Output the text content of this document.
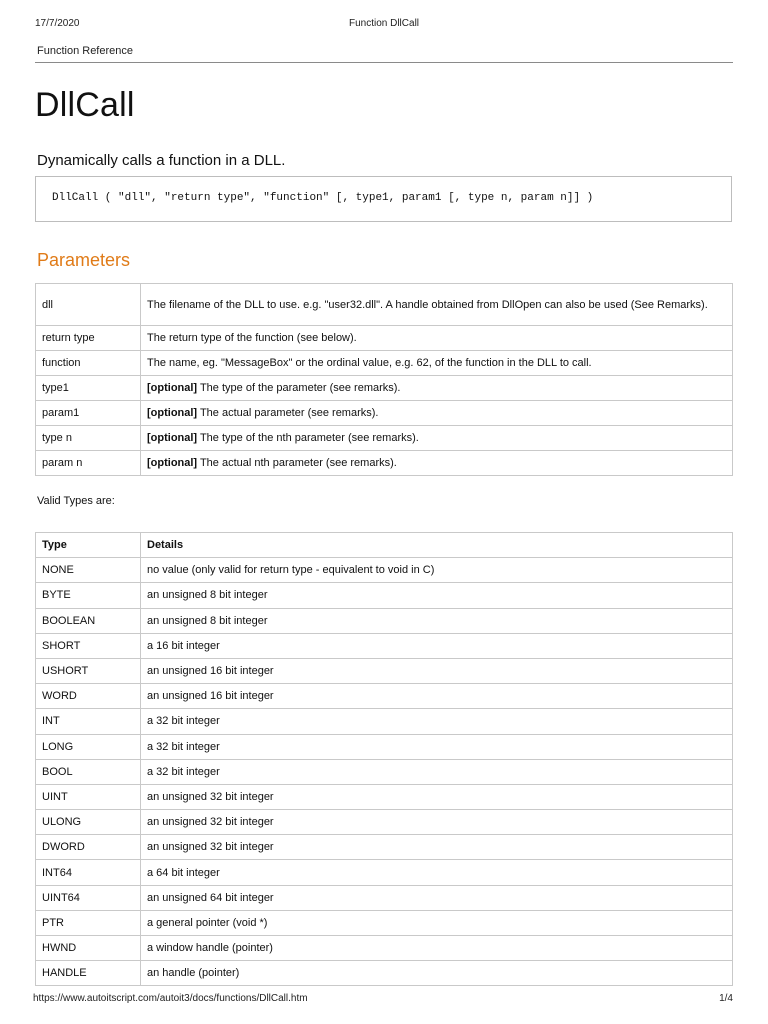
17/7/2020	Function DllCall
Function Reference
DllCall
Dynamically calls a function in a DLL.
DllCall ( "dll", "return type", "function" [, type1, param1 [, type n, param n]] )
Parameters
dll	The filename of the DLL to use. e.g. "user32.dll". A handle obtained from DllOpen can also be used (See Remarks).
return type	The return type of the function (see below).
function	The name, eg. "MessageBox" or the ordinal value, e.g. 62, of the function in the DLL to call.
type1	[optional] The type of the parameter (see remarks).
param1	[optional] The actual parameter (see remarks).
type n	[optional] The type of the nth parameter (see remarks).
param n	[optional] The actual nth parameter (see remarks).
Valid Types are:
Type	Details
NONE	no value (only valid for return type - equivalent to void in C)
BYTE	an unsigned 8 bit integer
BOOLEAN	an unsigned 8 bit integer
SHORT	a 16 bit integer
USHORT	an unsigned 16 bit integer
WORD	an unsigned 16 bit integer
INT	a 32 bit integer
LONG	a 32 bit integer
BOOL	a 32 bit integer
UINT	an unsigned 32 bit integer
ULONG	an unsigned 32 bit integer
DWORD	an unsigned 32 bit integer
INT64	a 64 bit integer
UINT64	an unsigned 64 bit integer
PTR	a general pointer (void *)
HWND	a window handle (pointer)
HANDLE	an handle (pointer)
https://www.autoitscript.com/autoit3/docs/functions/DllCall.htm	1/4
